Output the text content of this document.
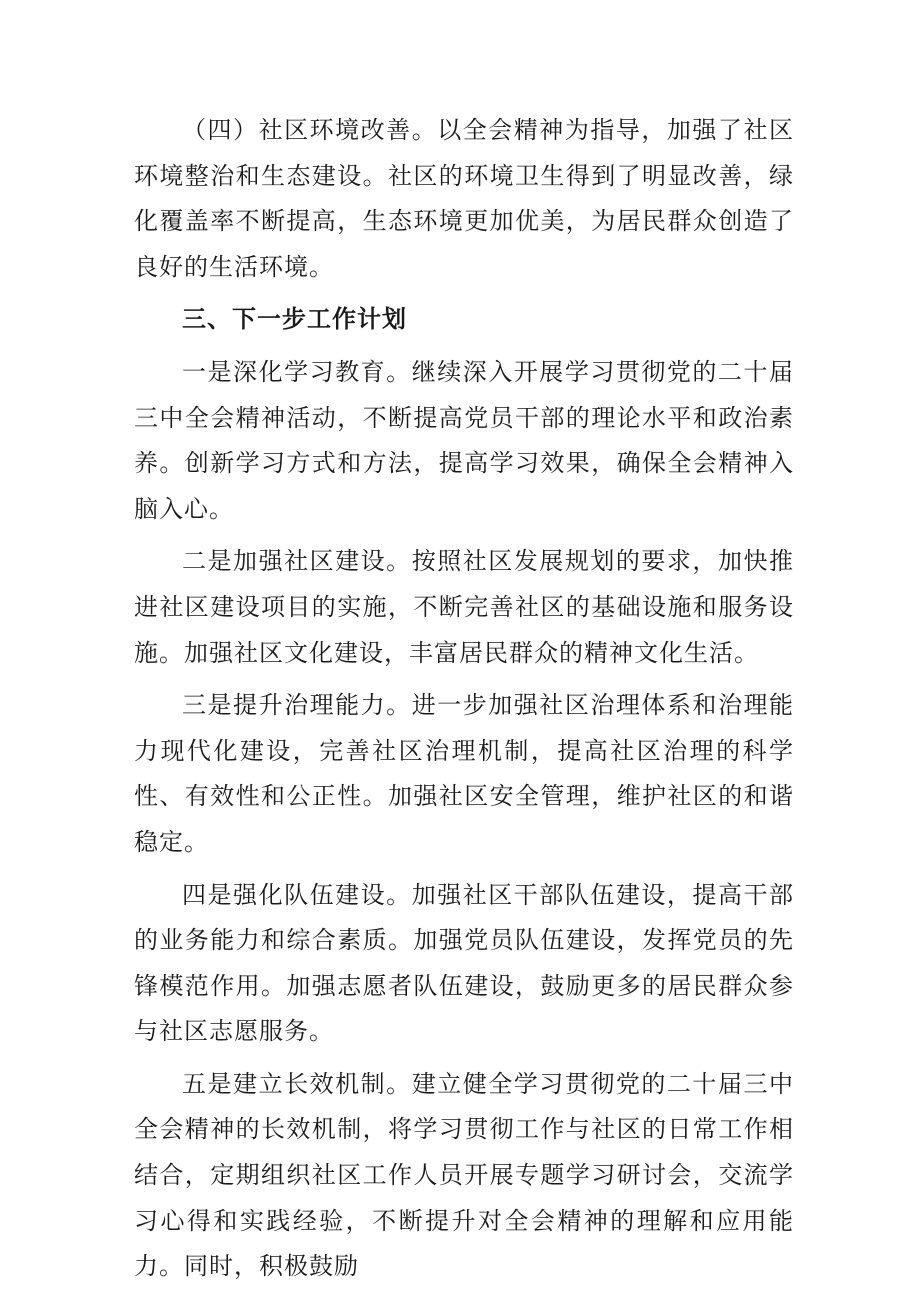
（四）社区环境改善。以全会精神为指导，加强了社区环境整治和生态建设。社区的环境卫生得到了明显改善，绿化覆盖率不断提高，生态环境更加优美，为居民群众创造了良好的生活环境。

三、下一步工作计划

一是深化学习教育。继续深入开展学习贯彻党的二十届三中全会精神活动，不断提高党员干部的理论水平和政治素养。创新学习方式和方法，提高学习效果，确保全会精神入脑入心。

二是加强社区建设。按照社区发展规划的要求，加快推进社区建设项目的实施，不断完善社区的基础设施和服务设施。加强社区文化建设，丰富居民群众的精神文化生活。

三是提升治理能力。进一步加强社区治理体系和治理能力现代化建设，完善社区治理机制，提高社区治理的科学性、有效性和公正性。加强社区安全管理，维护社区的和谐稳定。

四是强化队伍建设。加强社区干部队伍建设，提高干部的业务能力和综合素质。加强党员队伍建设，发挥党员的先锋模范作用。加强志愿者队伍建设，鼓励更多的居民群众参与社区志愿服务。

五是建立长效机制。建立健全学习贯彻党的二十届三中全会精神的长效机制，将学习贯彻工作与社区的日常工作相结合，定期组织社区工作人员开展专题学习研讨会，交流学习心得和实践经验，不断提升对全会精神的理解和应用能力。同时，积极鼓励
